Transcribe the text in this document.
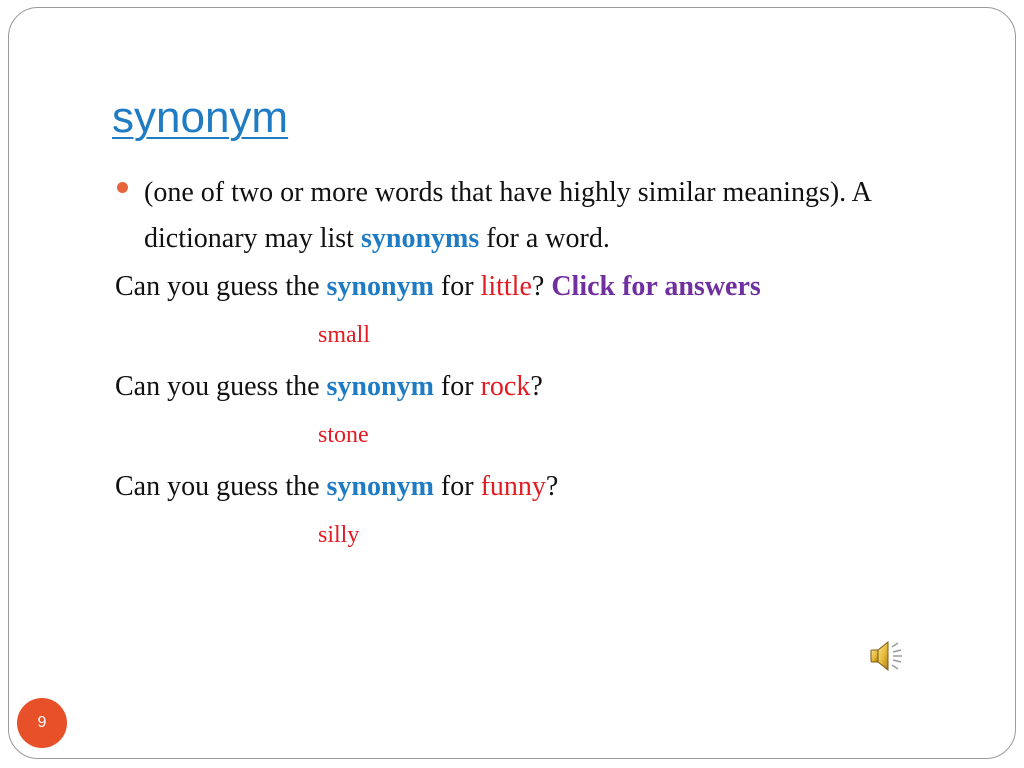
synonym
(one of two or more words that have highly similar meanings). A dictionary may list synonyms for a word.
Can you guess the synonym for little? Click for answers
small
Can you guess the synonym for rock?
stone
Can you guess the synonym for funny?
silly
9
